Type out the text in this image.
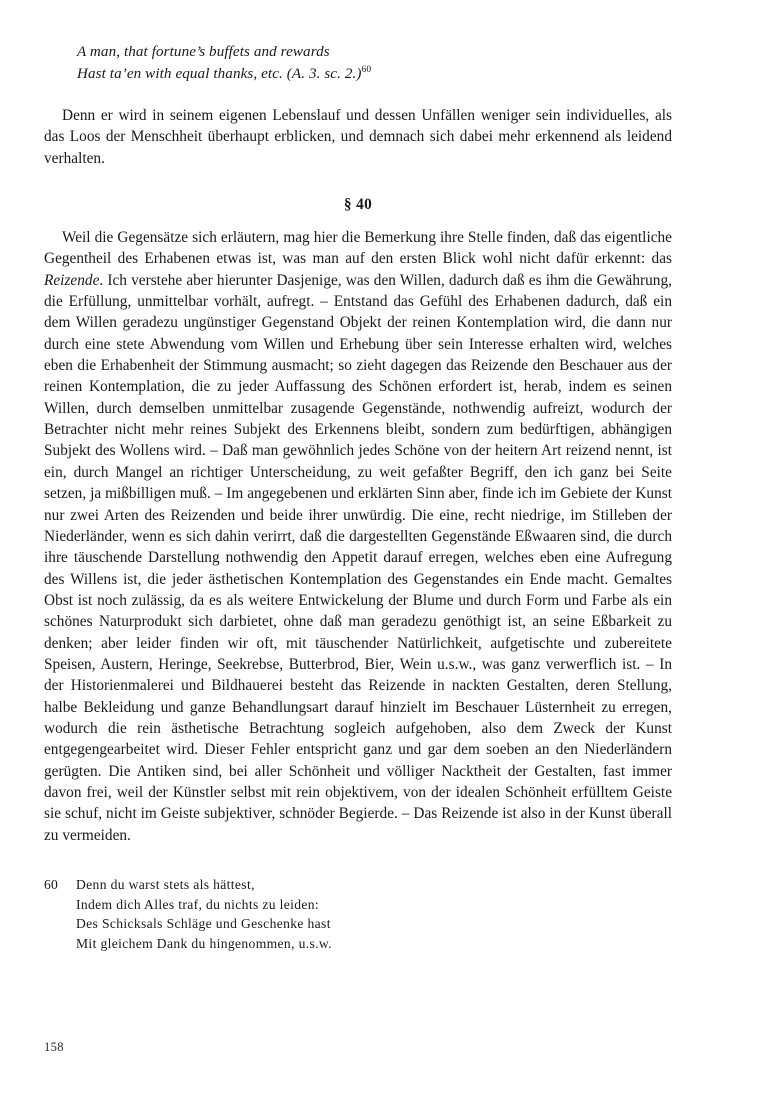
A man, that fortune’s buffets and rewards
Hast ta’en with equal thanks, etc. (A. 3. sc. 2.)$^{60}$

Denn er wird in seinem eigenen Lebenslauf und dessen Unfällen weniger sein individuelles, als das Loos der Menschheit überhaupt erblicken, und demnach sich dabei mehr erkennend als leidend verhalten.

§ 40

Weil die Gegensätze sich erläutern, mag hier die Bemerkung ihre Stelle finden, daß das eigentliche Gegentheil des Erhabenen etwas ist, was man auf den ersten Blick wohl nicht dafür erkennt: das Reizende. Ich verstehe aber hierunter Dasjenige, was den Willen, dadurch daß es ihm die Gewährung, die Erfüllung, unmittelbar vorhält, aufregt. – Entstand das Gefühl des Erhabenen dadurch, daß ein dem Willen geradezu ungünstiger Gegenstand Objekt der reinen Kontemplation wird, die dann nur durch eine stete Abwendung vom Willen und Erhebung über sein Interesse erhalten wird, welches eben die Erhabenheit der Stimmung ausmacht; so zieht dagegen das Reizende den Beschauer aus der reinen Kontemplation, die zu jeder Auffassung des Schönen erfordert ist, herab, indem es seinen Willen, durch demselben unmittelbar zusagende Gegenstände, nothwendig aufreizt, wodurch der Betrachter nicht mehr reines Subjekt des Erkennens bleibt, sondern zum bedürftigen, abhängigen Subjekt des Wollens wird. – Daß man gewöhnlich jedes Schöne von der heitern Art reizend nennt, ist ein, durch Mangel an richtiger Unterscheidung, zu weit gefaßter Begriff, den ich ganz bei Seite setzen, ja mißbilligen muß. – Im angegebenen und erklärten Sinn aber, finde ich im Gebiete der Kunst nur zwei Arten des Reizenden und beide ihrer unwürdig. Die eine, recht niedrige, im Stilleben der Niederländer, wenn es sich dahin verirrt, daß die dargestellten Gegenstände Eßwaaren sind, die durch ihre täuschende Darstellung nothwendig den Appetit darauf erregen, welches eben eine Aufregung des Willens ist, die jeder ästhetischen Kontemplation des Gegenstandes ein Ende macht. Gemaltes Obst ist noch zulässig, da es als weitere Entwickelung der Blume und durch Form und Farbe als ein schönes Naturprodukt sich darbietet, ohne daß man geradezu genöthigt ist, an seine Eßbarkeit zu denken; aber leider finden wir oft, mit täuschender Natürlichkeit, aufgetischte und zubereitete Speisen, Austern, Heringe, Seekrebse, Butterbrod, Bier, Wein u.s.w., was ganz verwerflich ist. – In der Historienmalerei und Bildhauerei besteht das Reizende in nackten Gestalten, deren Stellung, halbe Bekleidung und ganze Behandlungsart darauf hinzielt im Beschauer Lüsternheit zu erregen, wodurch die rein ästhetische Betrachtung sogleich aufgehoben, also dem Zweck der Kunst entgegengearbeitet wird. Dieser Fehler entspricht ganz und gar dem soeben an den Niederländern gerügten. Die Antiken sind, bei aller Schönheit und völliger Nacktheit der Gestalten, fast immer davon frei, weil der Künstler selbst mit rein objektivem, von der idealen Schönheit erfülltem Geiste sie schuf, nicht im Geiste subjektiver, schnöder Begierde. – Das Reizende ist also in der Kunst überall zu vermeiden.

60	Denn du warst stets als hättest,
Indem dich Alles traf, du nichts zu leiden:
Des Schicksals Schläge und Geschenke hast
Mit gleichem Dank du hingenommen, u.s.w.
158
